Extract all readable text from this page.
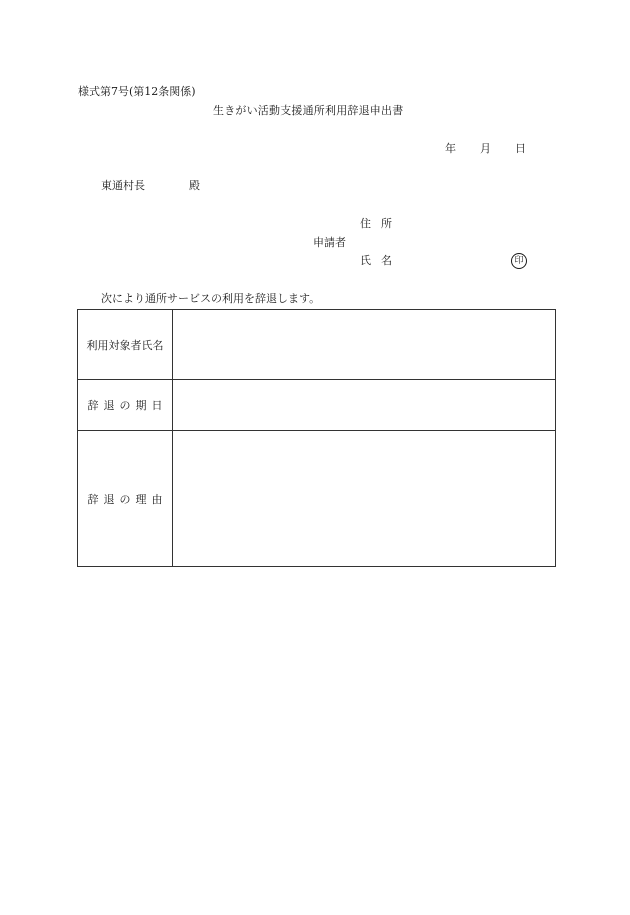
様式第7号(第12条関係)
生きがい活動支援通所利用辞退申出書
年 月 日
東通村長	殿
住所
申請者
氏名	印
次により通所サービスの利用を辞退します。
利用対象者氏名	
辞退の期日	
辞退の理由	
